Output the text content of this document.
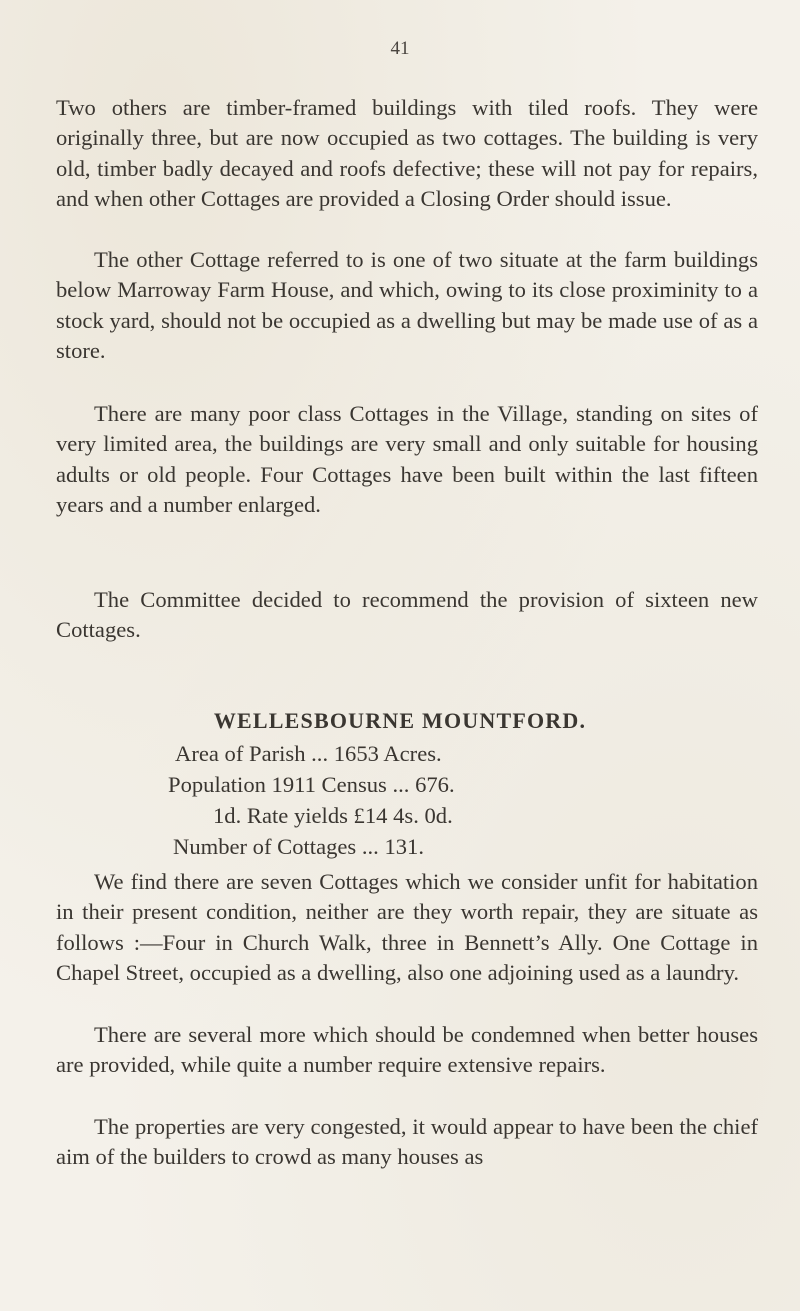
41

Two others are timber-framed buildings with tiled roofs. They were originally three, but are now occupied as two cottages. The building is very old, timber badly decayed and roofs defective; these will not pay for repairs, and when other Cottages are provided a Closing Order should issue.

The other Cottage referred to is one of two situate at the farm buildings below Marroway Farm House, and which, owing to its close proximinity to a stock yard, should not be occupied as a dwelling but may be made use of as a store.

There are many poor class Cottages in the Village, standing on sites of very limited area, the buildings are very small and only suitable for housing adults or old people. Four Cottages have been built within the last fifteen years and a number enlarged.

The Committee decided to recommend the provision of sixteen new Cottages.

WELLESBOURNE MOUNTFORD.

Area of Parish ... 1653 Acres.

Population 1911 Census ... 676.

1d. Rate yields £14 4s. 0d.

Number of Cottages ... 131.

We find there are seven Cottages which we consider unfit for habitation in their present condition, neither are they worth repair, they are situate as follows :—Four in Church Walk, three in Bennett’s Ally. One Cottage in Chapel Street, occupied as a dwelling, also one adjoining used as a laundry.

There are several more which should be condemned when better houses are provided, while quite a number require extensive repairs.

The properties are very congested, it would appear to have been the chief aim of the builders to crowd as many houses as
